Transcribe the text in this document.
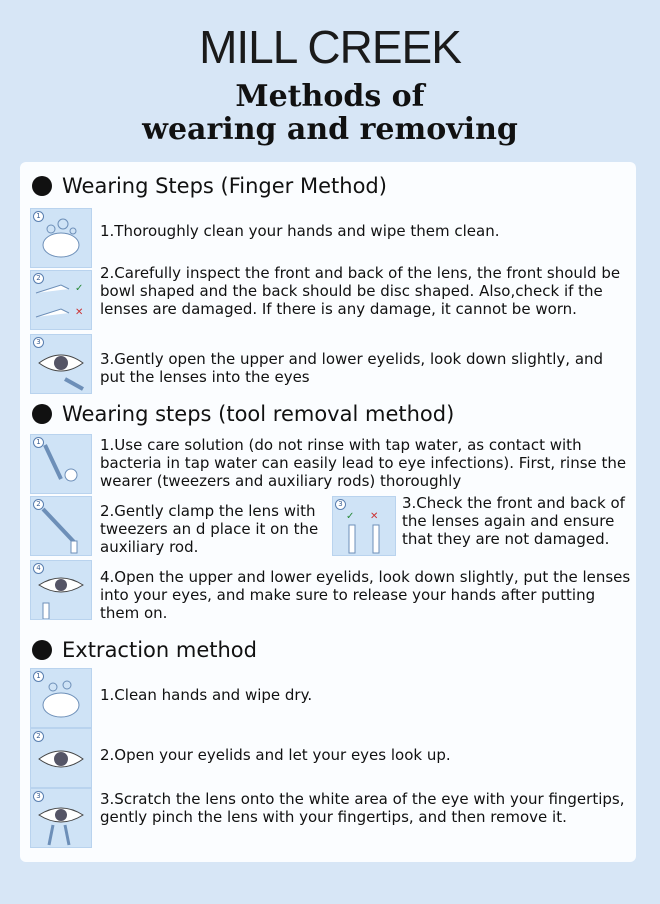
MILL CREEK
Methods of
wearing and removing
Wearing Steps (Finger Method)
1
1.Thoroughly clean your hands and wipe them clean.
2
✓
✕
2.Carefully inspect the front and back of the lens, the front should be bowl shaped and the back should be disc shaped. Also,check if the lenses are damaged. If there is any damage, it cannot be worn.
3
3.Gently open the upper and lower eyelids, look down slightly, and put the lenses into the eyes
Wearing steps (tool removal method)
1	1.Use care solution (do not rinse with tap water, as contact with bacteria in tap water can easily lead to eye infections). First, rinse the wearer (tweezers and auxiliary rods) thoroughly
2	2.Gently clamp the lens with tweezers an d place it on the auxiliary rod.
3
✓ ✕
3.Check the front and back of the lenses again and ensure that they are not damaged.
4	4.Open the upper and lower eyelids, look down slightly, put the lenses into your eyes, and make sure to release your hands after putting them on.
Extraction method
1
1.Clean hands and wipe dry.
2
2.Open your eyelids and let your eyes look up.
3	3.Scratch the lens onto the white area of the eye with your fingertips, gently pinch the lens with your fingertips, and then remove it.
